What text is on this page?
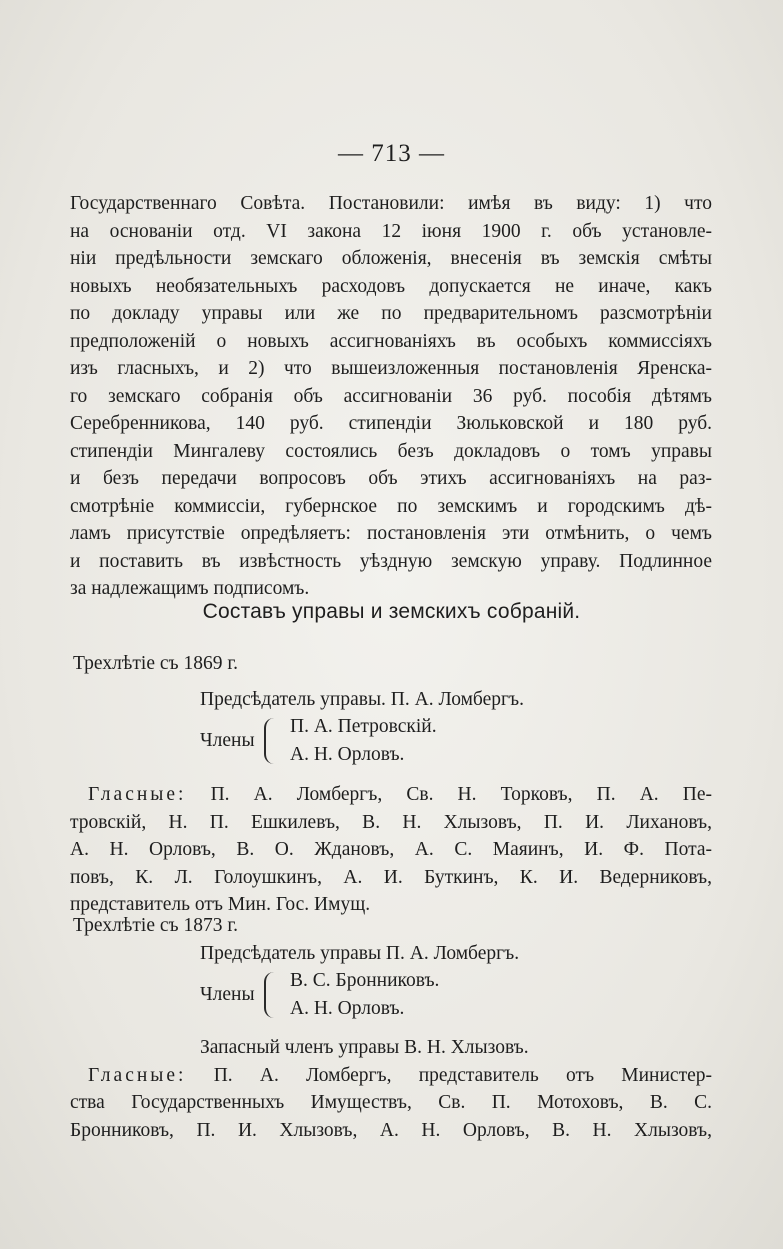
— 713 —
Государственнаго Совѣта. Постановили: имѣя въ виду: 1) что
на основаніи отд. VI закона 12 іюня 1900 г. объ установле-
ніи предѣльности земскаго обложенія, внесенія въ земскія смѣты
новыхъ необязательныхъ расходовъ допускается не иначе, какъ
по докладу управы или же по предварительномъ разсмотрѣніи
предположеній о новыхъ ассигнованіяхъ въ особыхъ коммиссіяхъ
изъ гласныхъ, и 2) что вышеизложенныя постановленія Яренска-
го земскаго собранія объ ассигнованіи 36 руб. пособія дѣтямъ
Серебренникова, 140 руб. стипендіи Зюльковской и 180 руб.
стипендіи Мингалеву состоялись безъ докладовъ о томъ управы
и безъ передачи вопросовъ объ этихъ ассигнованіяхъ на раз-
смотрѣніе коммиссіи, губернское по земскимъ и городскимъ дѣ-
ламъ присутствіе опредѣляетъ: постановленія эти отмѣнить, о чемъ
и поставить въ извѣстность уѣздную земскую управу. Подлинное
за надлежащимъ подписомъ.
Составъ управы и земскихъ собраній.
Трехлѣтіе съ 1869 г.
Предсѣдатель управы. П. А. Ломбергъ.
Члены
П. А. Петровскій.
А. Н. Орловъ.
Гласные: П. А. Ломбергъ, Св. Н. Торковъ, П. А. Пе-
тровскій, Н. П. Ешкилевъ, В. Н. Хлызовъ, П. И. Лихановъ,
А. Н. Орловъ, В. О. Ждановъ, А. С. Маяинъ, И. Ф. Пота-
повъ, К. Л. Голоушкинъ, А. И. Буткинъ, К. И. Ведерниковъ,
представитель отъ Мин. Гос. Имущ.
Трехлѣтіе съ 1873 г.
Предсѣдатель управы П. А. Ломбергъ.
Члены
В. С. Бронниковъ.
А. Н. Орловъ.
Запасный членъ управы В. Н. Хлызовъ.
Гласные: П. А. Ломбергъ, представитель отъ Министер-
ства Государственныхъ Имуществъ, Св. П. Мотоховъ, В. С.
Бронниковъ, П. И. Хлызовъ, А. Н. Орловъ, В. Н. Хлызовъ,
